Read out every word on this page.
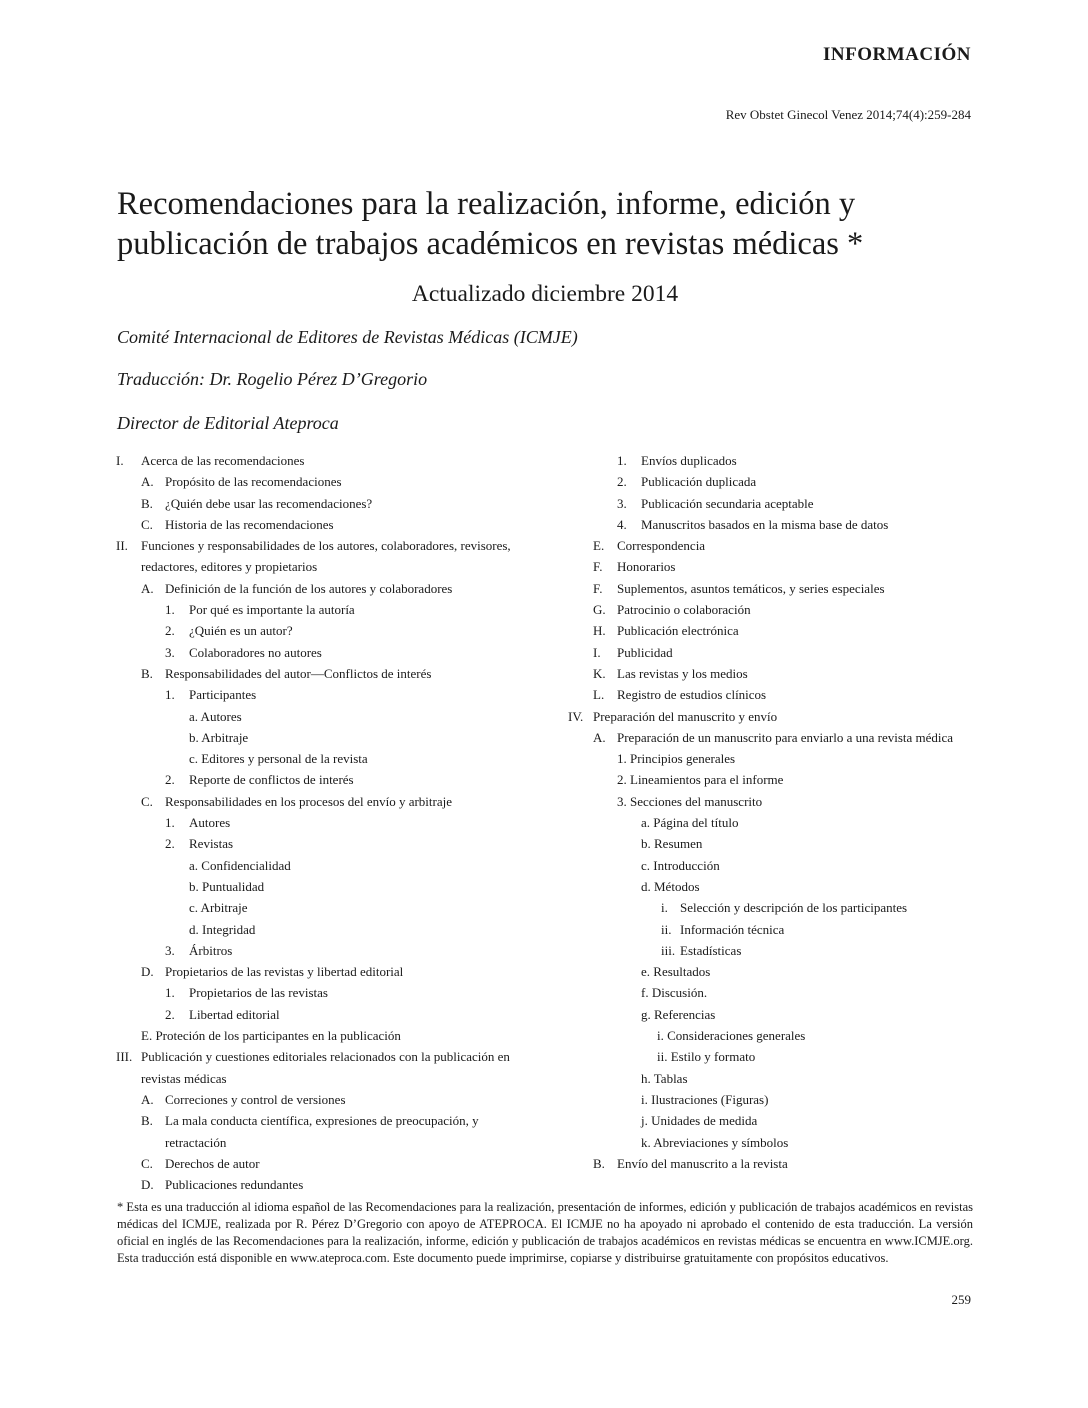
INFORMACIÓN
Rev Obstet Ginecol Venez 2014;74(4):259-284
Recomendaciones para la realización, informe, edición y publicación de trabajos académicos en revistas médicas *
Actualizado diciembre 2014
Comité Internacional de Editores de Revistas Médicas (ICMJE)
Traducción: Dr. Rogelio Pérez D’Gregorio
Director de Editorial Ateproca
I. Acerca de las recomendaciones
A. Propósito de las recomendaciones
B. ¿Quién debe usar las recomendaciones?
C. Historia de las recomendaciones
II. Funciones y responsabilidades de los autores, colaboradores, revisores, redactores, editores y propietarios
A. Definición de la función de los autores y colaboradores
1. Por qué es importante la autoría
2. ¿Quién es un autor?
3. Colaboradores no autores
B. Responsabilidades del autor—Conflictos de interés
1. Participantes
a. Autores
b. Arbitraje
c. Editores y personal de la revista
2. Reporte de conflictos de interés
C. Responsabilidades en los procesos del envío y arbitraje
1. Autores
2. Revistas
a. Confidencialidad
b. Puntualidad
c. Arbitraje
d. Integridad
3. Árbitros
D. Propietarios de las revistas y libertad editorial
1. Propietarios de las revistas
2. Libertad editorial
E. Proteción de los participantes en la publicación
III. Publicación y cuestiones editoriales relacionados con la publicación en revistas médicas
A. Correciones y control de versiones
B. La mala conducta científica, expresiones de preocupación, y retractación
C. Derechos de autor
D. Publicaciones redundantes
1. Envíos duplicados
2. Publicación duplicada
3. Publicación secundaria aceptable
4. Manuscritos basados en la misma base de datos
E. Correspondencia
F. Honorarios
F. Suplementos, asuntos temáticos, y series especiales
G. Patrocinio o colaboración
H. Publicación electrónica
I. Publicidad
K. Las revistas y los medios
L. Registro de estudios clínicos
IV. Preparación del manuscrito y envío
A. Preparación de un manuscrito para enviarlo a una revista médica
1. Principios generales
2. Lineamientos para el informe
3. Secciones del manuscrito
a. Página del título
b. Resumen
c. Introducción
d. Métodos
i. Selección y descripción de los participantes
ii. Información técnica
iii. Estadísticas
e. Resultados
f. Discusión.
g. Referencias
i. Consideraciones generales
ii. Estilo y formato
h. Tablas
i. Ilustraciones (Figuras)
j. Unidades de medida
k. Abreviaciones y símbolos
B. Envío del manuscrito a la revista
* Esta es una traducción al idioma español de las Recomendaciones para la realización, presentación de informes, edición y publicación de trabajos académicos en revistas médicas del ICMJE, realizada por R. Pérez D’Gregorio con apoyo de ATEPROCA. El ICMJE no ha apoyado ni aprobado el contenido de esta traducción. La versión oficial en inglés de las Recomendaciones para la realización, informe, edición y publicación de trabajos académicos en revistas médicas se encuentra en www.ICMJE.org. Esta traducción está disponible en www.ateproca.com. Este documento puede imprimirse, copiarse y distribuirse gratuitamente con propósitos educativos.
259
